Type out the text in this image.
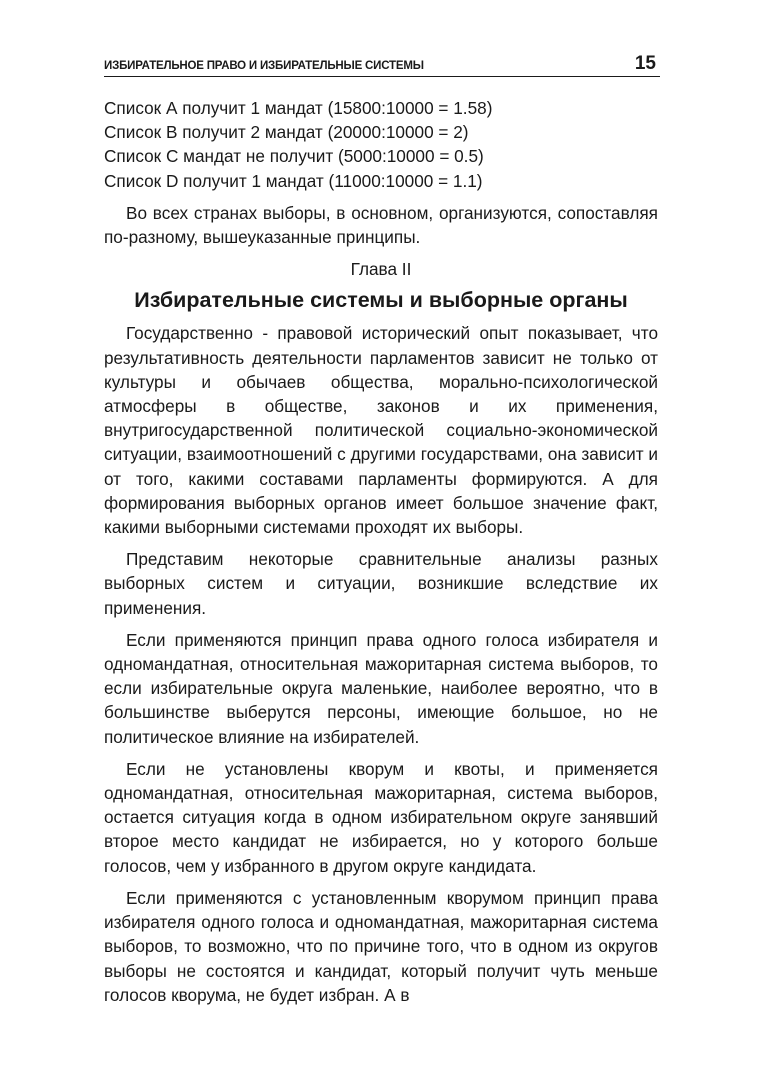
ИЗБИРАТЕЛЬНОЕ ПРАВО И ИЗБИРАТЕЛЬНЫЕ СИСТЕМЫ	15
Список А получит 1 мандат (15800:10000 = 1.58)
Список В получит 2 мандат (20000:10000 = 2)
Список С мандат не получит (5000:10000 = 0.5)
Список D получит 1 мандат (11000:10000 = 1.1)

Во всех странах выборы, в основном, организуются, сопоставляя по-разному, вышеуказанные принципы.

Глава II
Избирательные системы и выборные органы

Государственно - правовой исторический опыт показывает, что результативность деятельности парламентов зависит не только от культуры и обычаев общества, морально-психологической атмосферы в обществе, законов и их применения, внутригосударственной политической социально-экономической ситуации, взаимоотношений с другими государствами, она зависит и от того, какими составами парламенты формируются. А для формирования выборных органов имеет большое значение факт, какими выборными системами проходят их выборы.

Представим некоторые сравнительные анализы разных выборных систем и ситуации, возникшие вследствие их применения.

Если применяются принцип права одного голоса избирателя и одномандатная, относительная мажоритарная система выборов, то если избирательные округа маленькие, наиболее вероятно, что в большинстве выберутся персоны, имеющие большое, но не политическое влияние на избирателей.

Если не установлены кворум и квоты, и применяется одномандатная, относительная мажоритарная, система выборов, остается ситуация когда в одном избирательном округе занявший второе место кандидат не избирается, но у которого больше голосов, чем у избранного в другом округе кандидата.

Если применяются с установленным кворумом принцип права избирателя одного голоса и одномандатная, мажоритарная система выборов, то возможно, что по причине того, что в одном из округов выборы не состоятся и кандидат, который получит чуть меньше голосов кворума, не будет избран. А в
